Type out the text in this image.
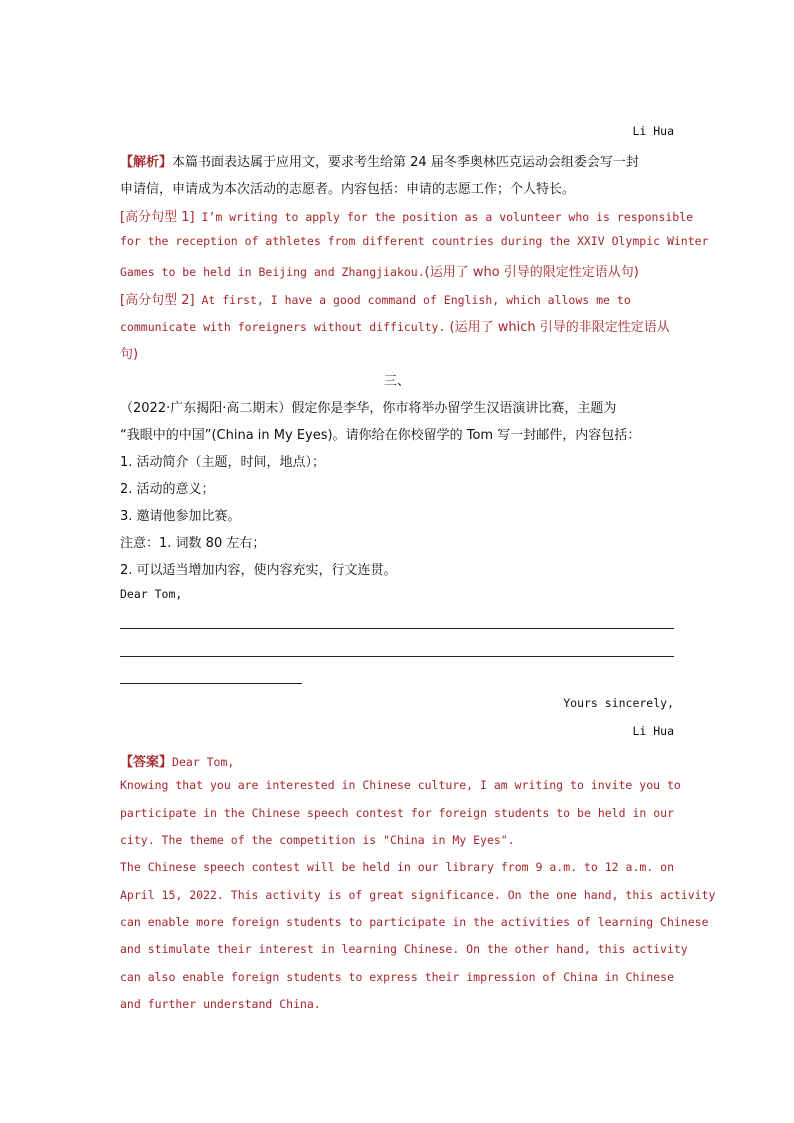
Li Hua
【解析】本篇书面表达属于应用文，要求考生给第 24 届冬季奥林匹克运动会组委会写一封
申请信，申请成为本次活动的志愿者。内容包括：申请的志愿工作；个人特长。
[高分句型 1] I’m writing to apply for the position as a volunteer who is responsible
for the reception of athletes from different countries during the XXIV Olympic Winter
Games to be held in Beijing and Zhangjiakou.(运用了 who 引导的限定性定语从句)
[高分句型 2] At first, I have a good command of English, which allows me to
communicate with foreigners without difficulty. (运用了 which 引导的非限定性定语从
句)
三、
（2022·广东揭阳·高二期末）假定你是李华，你市将举办留学生汉语演讲比赛，主题为
“我眼中的中国”(China in My Eyes)。请你给在你校留学的 Tom 写一封邮件，内容包括：
1. 活动简介（主题，时间，地点）；
2. 活动的意义；
3. 邀请他参加比赛。
注意：1. 词数 80 左右；
2. 可以适当增加内容，使内容充实，行文连贯。
Dear Tom,
Yours sincerely,
Li Hua
【答案】Dear Tom,
Knowing that you are interested in Chinese culture, I am writing to invite you to
participate in the Chinese speech contest for foreign students to be held in our
city. The theme of the competition is "China in My Eyes".
The Chinese speech contest will be held in our library from 9 a.m. to 12 a.m. on
April 15, 2022. This activity is of great significance. On the one hand, this activity
can enable more foreign students to participate in the activities of learning Chinese
and stimulate their interest in learning Chinese. On the other hand, this activity
can also enable foreign students to express their impression of China in Chinese
and further understand China.
